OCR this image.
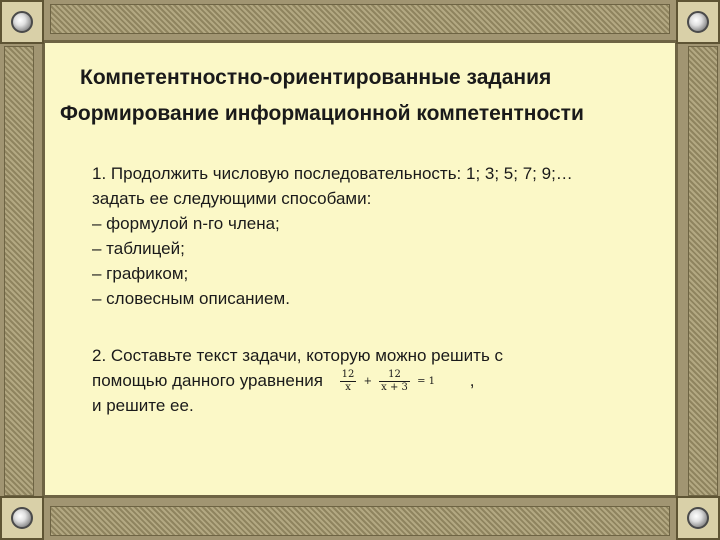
Компетентностно-ориентированные задания
Формирование информационной компетентности
1. Продолжить числовую последовательность: 1; 3; 5; 7; 9;…
задать ее следующими способами:
– формулой n-го члена;
– таблицей;
– графиком;
– словесным описанием.
2. Составьте текст задачи, которую можно решить с
помощью данного уравнения $\frac{12}{x} + \frac{12}{x + 3} = 1$ ,
и решите ее.
